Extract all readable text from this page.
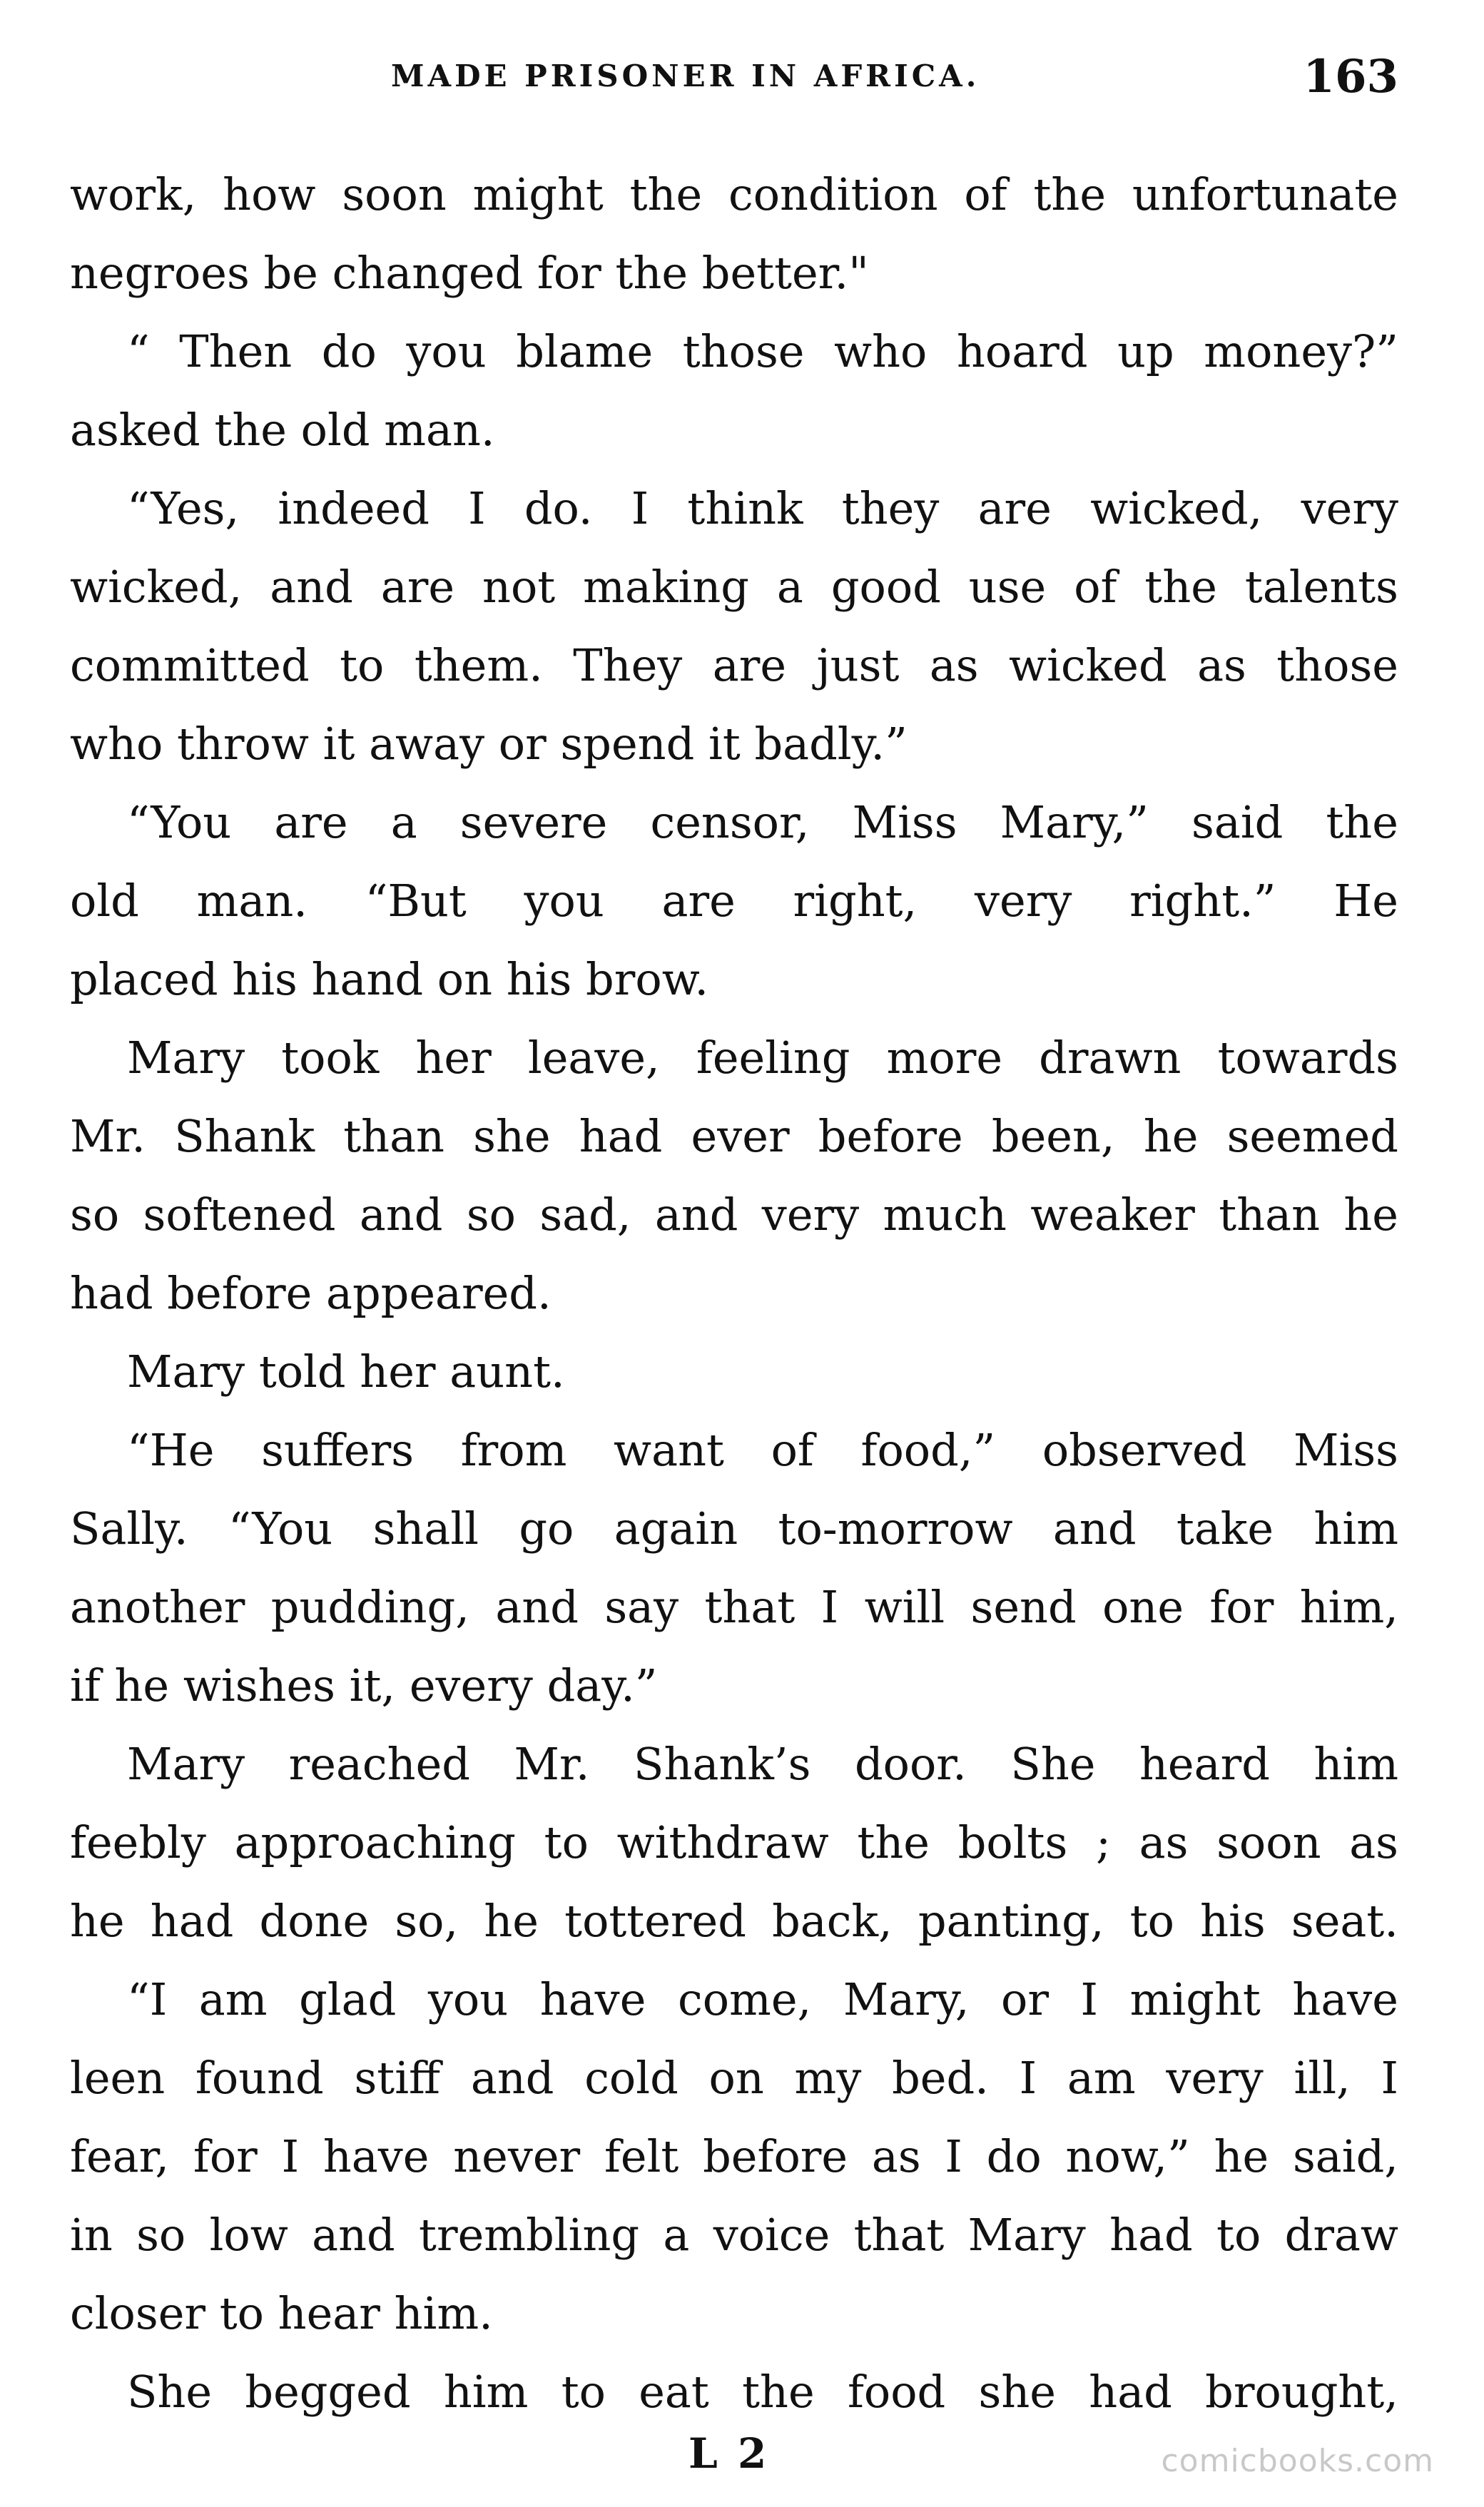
MADE PRISONER IN AFRICA.	163
work, how soon might the condition of the unfortunate
negroes be changed for the better."
“ Then do you blame those who hoard up money?”
asked the old man.
“Yes, indeed I do. I think they are wicked, very
wicked, and are not making a good use of the talents
committed to them. They are just as wicked as those
who throw it away or spend it badly.”
“You are a severe censor, Miss Mary,” said the
old man. “But you are right, very right.” He
placed his hand on his brow.
Mary took her leave, feeling more drawn towards
Mr. Shank than she had ever before been, he seemed
so softened and so sad, and very much weaker than he
had before appeared.
Mary told her aunt.
“He suffers from want of food,” observed Miss
Sally. “You shall go again to-morrow and take him
another pudding, and say that I will send one for him,
if he wishes it, every day.”
Mary reached Mr. Shank’s door. She heard him
feebly approaching to withdraw the bolts ; as soon as
he had done so, he tottered back, panting, to his seat.
“I am glad you have come, Mary, or I might have
leen found stiff and cold on my bed. I am very ill, I
fear, for I have never felt before as I do now,” he said,
in so low and trembling a voice that Mary had to draw
closer to hear him.
She begged him to eat the food she had brought,
L 2	comicbooks.com
